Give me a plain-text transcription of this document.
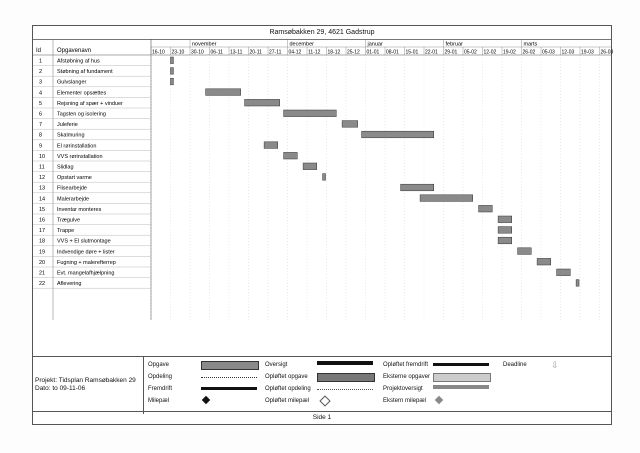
Ramsøbakken 29, 4621 Gadstrup
Id	Opgavenavn
november	december	januar	februar	marts
16-10 23-10 30-10 06-11 13-11 20-11 27-11 04-12 11-12 18-12 25-12 01-01 08-01 15-01 22-01 29-01 05-02 12-02 19-02 26-02 05-03 12-03 19-03 26-03
1	Afstøbning af hus
2	Støbning af fundament
3	Gulvslanger
4	Elementer opsættes
5	Rejsning af spær + vinduer
6	Tagsten og isolering
7	Juleferie
8	Skalmuring
9	El rørinstallation
10 VVS rørinstallation
11 Slidlag
12 Opstart varme
13 Flisearbejde
14 Malerarbejde
15 Inventar monteres
16 Trægulve
17 Trappe
18 VVS + El slutmontage
19 Indvendige døre + lister
20 Fugning + malerefterrep
21 Evt. mangelafhjælpning
22 Aflevering
Projekt: Tidsplan Ramsøbakken 29
Dato: to 09-11-06
Opgave
Opdeling
Fremdrift
Milepæl
Oversigt
Opløftet opgave
Opløftet opdeling
Opløftet milepæl
Opløftet fremdrift
Eksterne opgaver
Projektoversigt
Ekstern milepæl
Deadline	⇩
Side 1
